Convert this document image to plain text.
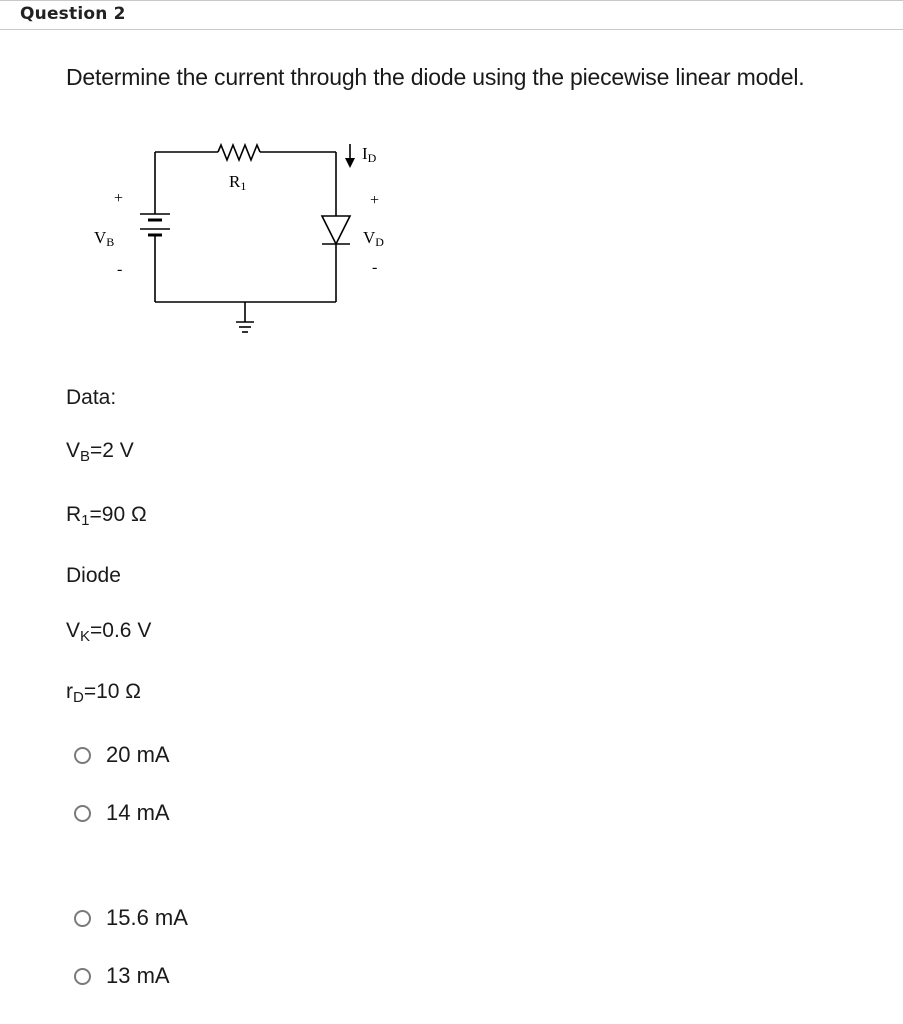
Question 2
Determine the current through the diode using the piecewise linear model.
+
VB
-
R1
ID
+
VD
-
Data:
$V_B=2$ V
$R_1=90$ Ω
Diode
$V_K=0.6$ V
$r_D=10$ Ω
20 mA
14 mA
15.6 mA
13 mA
